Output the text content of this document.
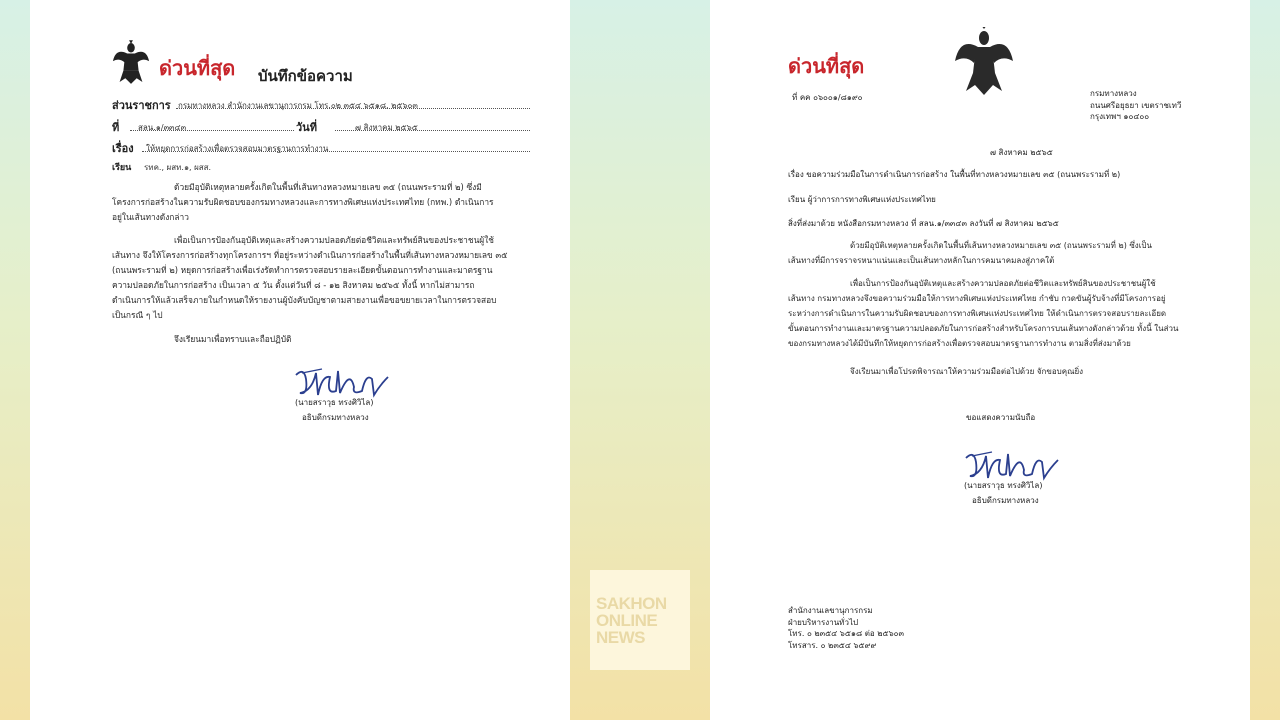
ด่วนที่สุด บันทึกข้อความ
ส่วนราชการ กรมทางหลวง สำนักงานเลขานุการกรม โทร.๐๒ ๓๕๔ ๖๕๑๘, ๒๕๖๐๓
ที่ สลน.๑/๓๓๔๓	วันที่	๗ สิงหาคม ๒๕๖๕
เรื่อง ให้หยุดการก่อสร้างเพื่อตรวจสอบมาตรฐานการทำงาน
เรียน รทค., ผสท.๑, ผสส.
ด้วยมีอุบัติเหตุหลายครั้งเกิดในพื้นที่เส้นทางหลวงหมายเลข ๓๕ (ถนนพระรามที่ ๒) ซึ่งมี
โครงการก่อสร้างในความรับผิดชอบของกรมทางหลวงและการทางพิเศษแห่งประเทศไทย (กทพ.) ดำเนินการ
อยู่ในเส้นทางดังกล่าว
เพื่อเป็นการป้องกันอุบัติเหตุและสร้างความปลอดภัยต่อชีวิตและทรัพย์สินของประชาชนผู้ใช้
เส้นทาง จึงให้โครงการก่อสร้างทุกโครงการฯ ที่อยู่ระหว่างดำเนินการก่อสร้างในพื้นที่เส้นทางหลวงหมายเลข ๓๕
(ถนนพระรามที่ ๒) หยุดการก่อสร้างเพื่อเร่งรัดทำการตรวจสอบรายละเอียดขั้นตอนการทำงานและมาตรฐาน
ความปลอดภัยในการก่อสร้าง เป็นเวลา ๕ วัน ตั้งแต่วันที่ ๘ - ๑๒ สิงหาคม ๒๕๖๕ ทั้งนี้ หากไม่สามารถ
ดำเนินการให้แล้วเสร็จภายในกำหนดให้รายงานผู้บังคับบัญชาตามสายงานเพื่อขอขยายเวลาในการตรวจสอบ
เป็นกรณี ๆ ไป
จึงเรียนมาเพื่อทราบและถือปฏิบัติ
(นายสราวุธ ทรงศิวิไล)
อธิบดีกรมทางหลวง
ด่วนที่สุด
ที่ คค ๐๖๐๐๑/๘๑๙๐	กรมทางหลวง
ถนนศรีอยุธยา เขตราชเทวี
กรุงเทพฯ ๑๐๔๐๐
๗ สิงหาคม ๒๕๖๕
เรื่อง ขอความร่วมมือในการดำเนินการก่อสร้าง ในพื้นที่ทางหลวงหมายเลข ๓๕ (ถนนพระรามที่ ๒)
เรียน ผู้ว่าการการทางพิเศษแห่งประเทศไทย
สิ่งที่ส่งมาด้วย หนังสือกรมทางหลวง ที่ สลน.๑/๓๓๔๓ ลงวันที่ ๗ สิงหาคม ๒๕๖๕
ด้วยมีอุบัติเหตุหลายครั้งเกิดในพื้นที่เส้นทางหลวงหมายเลข ๓๕ (ถนนพระรามที่ ๒) ซึ่งเป็น
เส้นทางที่มีการจราจรหนาแน่นและเป็นเส้นทางหลักในการคมนาคมลงสู่ภาคใต้
เพื่อเป็นการป้องกันอุบัติเหตุและสร้างความปลอดภัยต่อชีวิตและทรัพย์สินของประชาชนผู้ใช้
เส้นทาง กรมทางหลวงจึงขอความร่วมมือให้การทางพิเศษแห่งประเทศไทย กำชับ กวดขันผู้รับจ้างที่มีโครงการอยู่
ระหว่างการดำเนินการในความรับผิดชอบของการทางพิเศษแห่งประเทศไทย ให้ดำเนินการตรวจสอบรายละเอียด
ขั้นตอนการทำงานและมาตรฐานความปลอดภัยในการก่อสร้างสำหรับโครงการบนเส้นทางดังกล่าวด้วย ทั้งนี้ ในส่วน
ของกรมทางหลวงได้มีบันทึกให้หยุดการก่อสร้างเพื่อตรวจสอบมาตรฐานการทำงาน ตามสิ่งที่ส่งมาด้วย
จึงเรียนมาเพื่อโปรดพิจารณาให้ความร่วมมือต่อไปด้วย จักขอบคุณยิ่ง
ขอแสดงความนับถือ
(นายสราวุธ ทรงศิวิไล)
อธิบดีกรมทางหลวง
สำนักงานเลขานุการกรม
ฝ่ายบริหารงานทั่วไป
โทร. ๐ ๒๓๕๔ ๖๕๑๘ ต่อ ๒๕๖๐๓
โทรสาร. ๐ ๒๓๕๔ ๖๕๙๙
SAKHON
ONLINE
NEWS
